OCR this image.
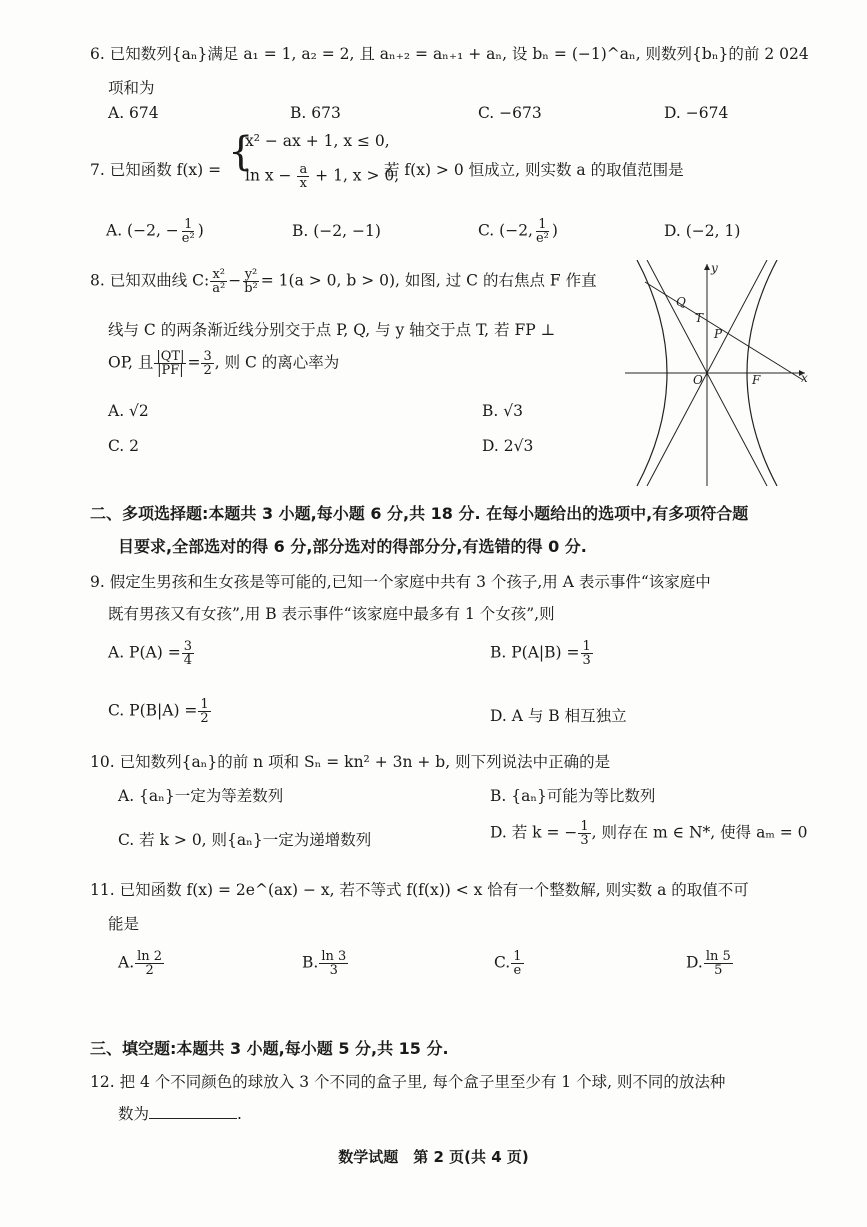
6. 已知数列{aₙ}满足 a₁ = 1, a₂ = 2, 且 aₙ₊₂ = aₙ₊₁ + aₙ, 设 bₙ = (−1)^aₙ, 则数列{bₙ}的前 2 024
项和为
A. 674	B. 673	C. −673	D. −674
7. 已知函数 f(x) = {
x² − ax + 1, x ≤ 0,
$\ln x - \frac{a}{x} + 1$, x > 0,
若 f(x) > 0 恒成立, 则实数 a 的取值范围是
A. (−2, − $\frac{1}{\text{e²}}$ )	B. (−2, −1)	C. (−2, $\frac{1}{\text{e²}}$ )	D. (−2, 1)
8. 已知双曲线 C: $\frac{\text{x²}}{\text{a²}} - \frac{\text{y²}}{\text{b²}} = 1(a > 0$, b > 0), 如图, 过 C 的右焦点 F 作直
线与 C 的两条渐近线分别交于点 P, Q, 与 y 轴交于点 T, 若 FP ⊥
OP, 且 $\frac{|QT|}{|PF|} = \frac{3}{2}$ , 则 C 的离心率为
A. √2	B. √3
C. 2	D. 2√3
y
Q
T
P
O	F	x
二、多项选择题:本题共 3 小题,每小题 6 分,共 18 分. 在每小题给出的选项中,有多项符合题
目要求,全部选对的得 6 分,部分选对的得部分分,有选错的得 0 分.
9. 假定生男孩和生女孩是等可能的,已知一个家庭中共有 3 个孩子,用 A 表示事件“该家庭中
既有男孩又有女孩”,用 B 表示事件“该家庭中最多有 1 个女孩”,则
A. $P(A) = \frac{3}{4}$	B. $P(A|B) = \frac{1}{3}$
C. $P(B|A) = \frac{1}{2}$	D. A 与 B 相互独立
10. 已知数列{aₙ}的前 n 项和 Sₙ = kn² + 3n + b, 则下列说法中正确的是
A. {aₙ}一定为等差数列	B. {aₙ}可能为等比数列
C. 若 k > 0, 则{aₙ}一定为递增数列	D. 若 k = − $\frac{1}{3}$ , 则存在 m ∈ N*, 使得 aₘ = 0
11. 已知函数 f(x) = 2e^(ax) − x, 若不等式 f(f(x)) < x 恰有一个整数解, 则实数 a 的取值不可
能是
A. $\frac{\ln 2}{2}$	B. $\frac{\ln 3}{3}$	C. $\frac{1}{e}$	D. $\frac{\ln 5}{5}$
三、填空题:本题共 3 小题,每小题 5 分,共 15 分.
12. 把 4 个不同颜色的球放入 3 个不同的盒子里, 每个盒子里至少有 1 个球, 则不同的放法种
数为	.
数学试题　第 2 页(共 4 页)
